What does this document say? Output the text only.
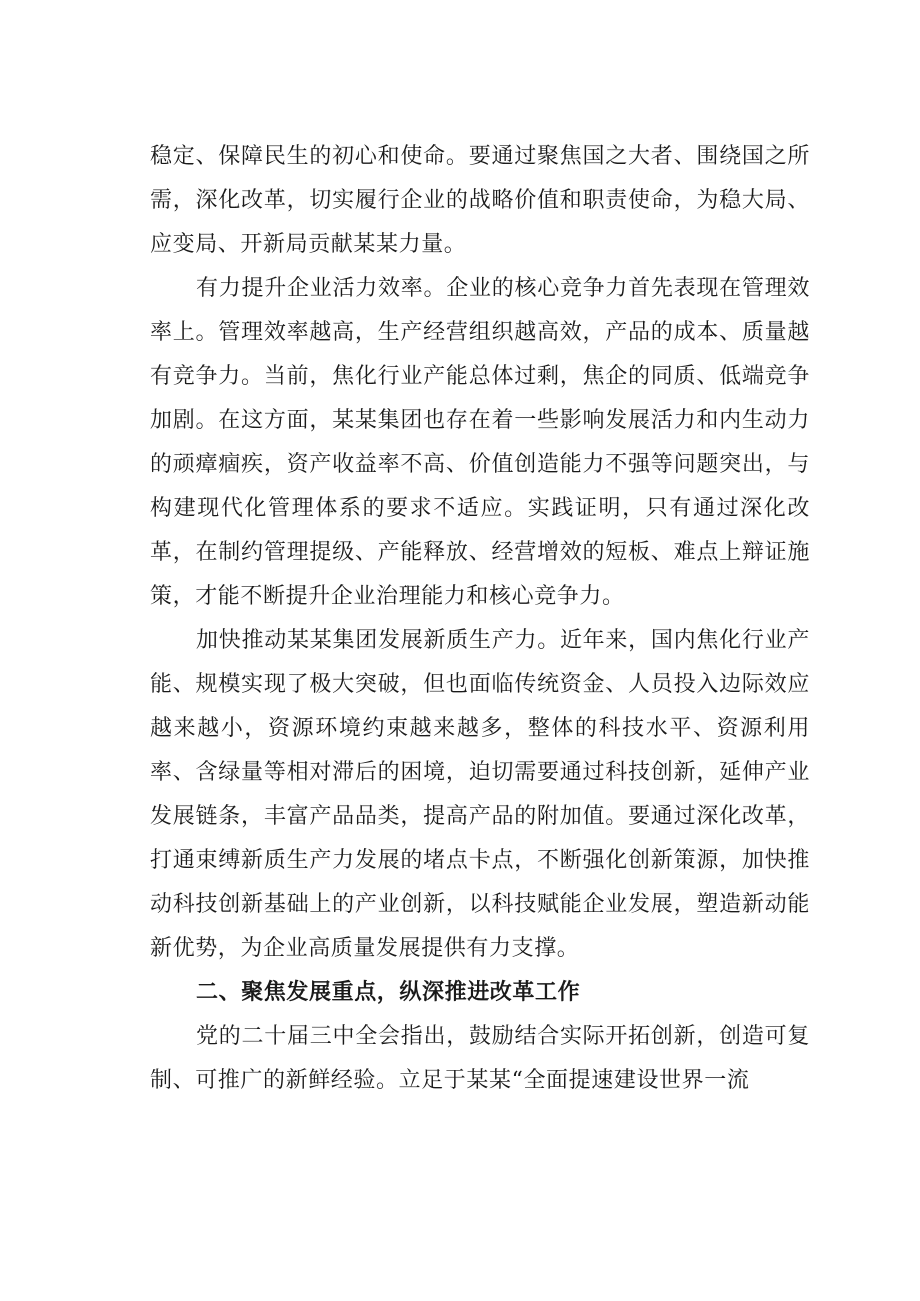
稳定、保障民生的初心和使命。要通过聚焦国之大者、围绕国之所需，深化改革，切实履行企业的战略价值和职责使命，为稳大局、应变局、开新局贡献某某力量。

有力提升企业活力效率。企业的核心竞争力首先表现在管理效率上。管理效率越高，生产经营组织越高效，产品的成本、质量越有竞争力。当前，焦化行业产能总体过剩，焦企的同质、低端竞争加剧。在这方面，某某集团也存在着一些影响发展活力和内生动力的顽瘴痼疾，资产收益率不高、价值创造能力不强等问题突出，与构建现代化管理体系的要求不适应。实践证明，只有通过深化改革，在制约管理提级、产能释放、经营增效的短板、难点上辩证施策，才能不断提升企业治理能力和核心竞争力。

加快推动某某集团发展新质生产力。近年来，国内焦化行业产能、规模实现了极大突破，但也面临传统资金、人员投入边际效应越来越小，资源环境约束越来越多，整体的科技水平、资源利用率、含绿量等相对滞后的困境，迫切需要通过科技创新，延伸产业发展链条，丰富产品品类，提高产品的附加值。要通过深化改革，打通束缚新质生产力发展的堵点卡点，不断强化创新策源，加快推动科技创新基础上的产业创新，以科技赋能企业发展，塑造新动能新优势，为企业高质量发展提供有力支撑。

二、聚焦发展重点，纵深推进改革工作

党的二十届三中全会指出，鼓励结合实际开拓创新，创造可复制、可推广的新鲜经验。立足于某某“全面提速建设世界一流
